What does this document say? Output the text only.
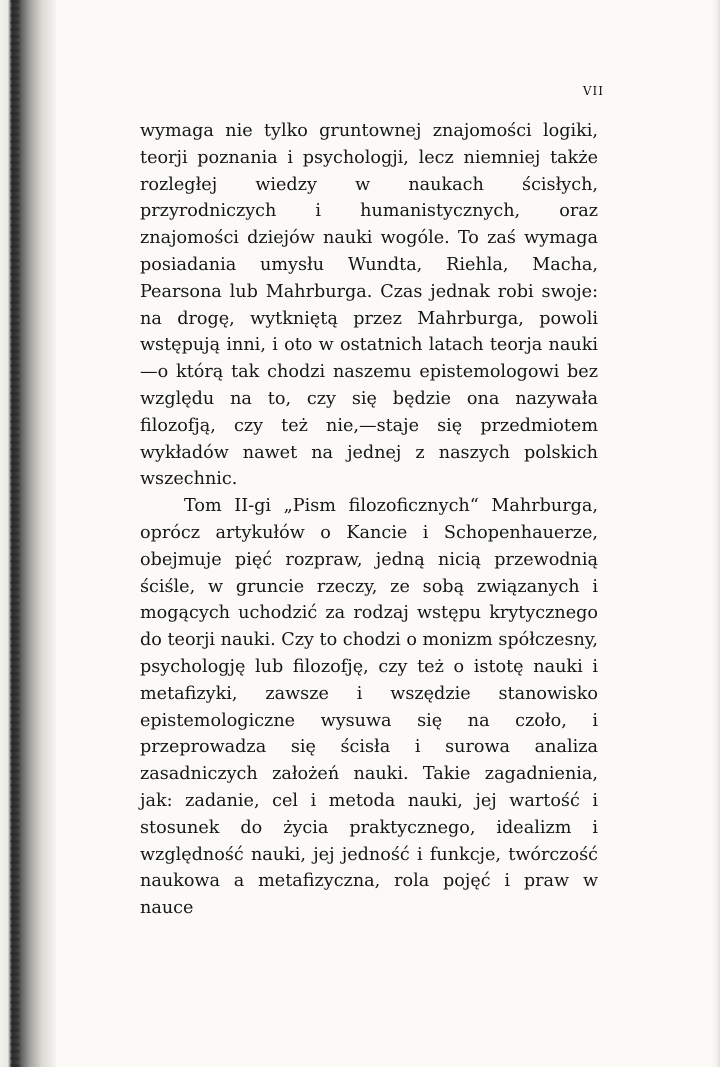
VII

wymaga nie tylko gruntownej znajomości logiki, teorji poznania i psychologji, lecz niemniej także rozległej wiedzy w naukach ścisłych, przyrodniczych i humanistycznych, oraz znajomości dziejów nauki wogóle. To zaś wymaga posiadania umysłu Wundta, Riehla, Macha, Pearsona lub Mahrburga. Czas jednak robi swoje: na drogę, wytkniętą przez Mahrburga, powoli wstępują inni, i oto w ostatnich latach teorja nauki—o którą tak chodzi naszemu epistemologowi bez względu na to, czy się będzie ona nazywała filozofją, czy też nie,—staje się przedmiotem wykładów nawet na jednej z naszych polskich wszechnic.

Tom II-gi „Pism filozoficznych“ Mahrburga, oprócz artykułów o Kancie i Schopenhauerze, obejmuje pięć rozpraw, jedną nicią przewodnią ściśle, w gruncie rzeczy, ze sobą związanych i mogących uchodzić za rodzaj wstępu krytycznego do teorji nauki. Czy to chodzi o monizm spółczesny, psychologję lub filozofję, czy też o istotę nauki i metafizyki, zawsze i wszędzie stanowisko epistemologiczne wysuwa się na czoło, i przeprowadza się ścisła i surowa analiza zasadniczych założeń nauki. Takie zagadnienia, jak: zadanie, cel i metoda nauki, jej wartość i stosunek do życia praktycznego, idealizm i względność nauki, jej jedność i funkcje, twórczość naukowa a metafizyczna, rola pojęć i praw w nauce
